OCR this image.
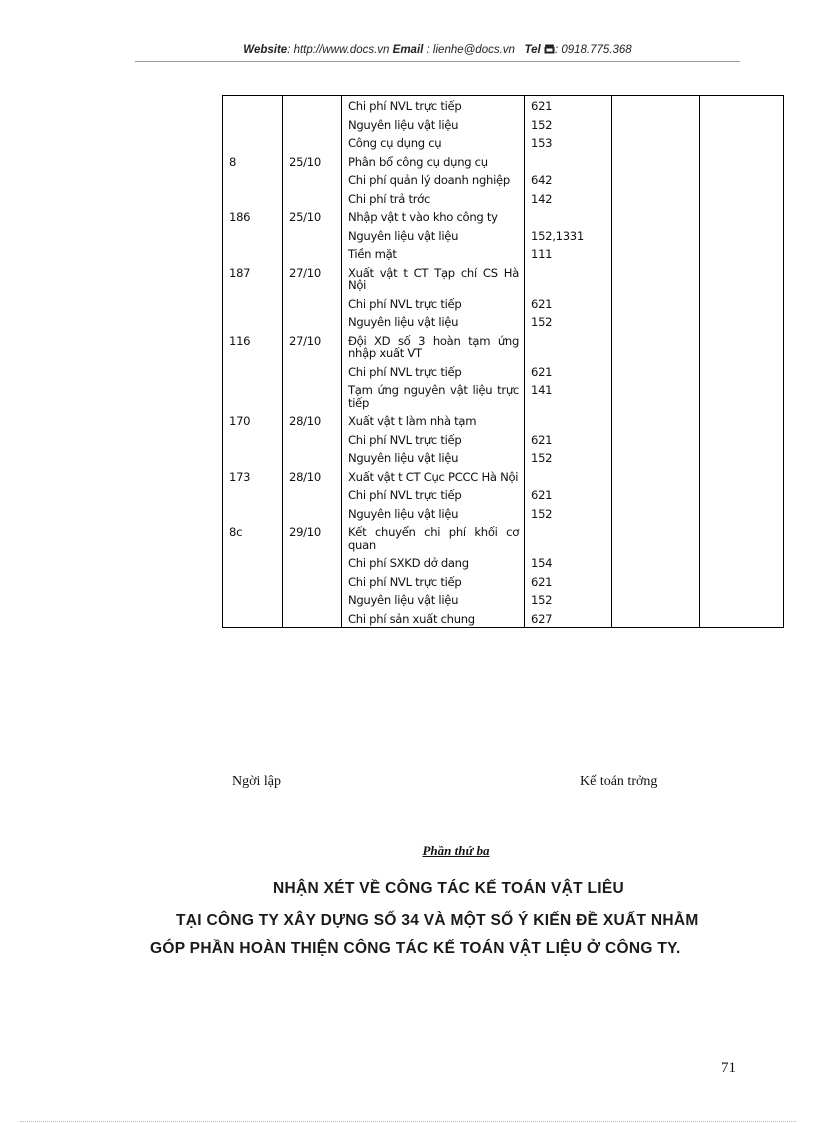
Website: http://www.docs.vn Email : lienhe@docs.vn Tel : 0918.775.368
		Chi phí NVL trực tiếp	621		
		Nguyên liệu vật liệu	152		
		Công cụ dụng cụ	153		
8	25/10	Phân bổ công cụ dụng cụ			
		Chi phí quản lý doanh nghiệp	642		
		Chi phí trả trớc	142		
186	25/10	Nhập vật t vào kho công ty			
		Nguyên liệu vật liệu	152,1331		
		Tiền mặt	111		
187	27/10	Xuất vật t CT Tạp chí CS Hà Nội			
		Chi phí NVL trực tiếp	621		
		Nguyên liệu vật liệu	152		
116	27/10	Đội XD số 3 hoàn tạm ứng nhập xuất VT			
		Chi phí NVL trực tiếp	621		
		Tạm ứng nguyên vật liệu trực tiếp	141		
170	28/10	Xuất vật t làm nhà tạm			
		Chi phí NVL trực tiếp	621		
		Nguyên liệu vật liệu	152		
173	28/10	Xuất vật t CT Cục PCCC Hà Nội			
		Chi phí NVL trực tiếp	621		
		Nguyên liệu vật liệu	152		
8c	29/10	Kết chuyển chi phí khối cơ quan			
		Chi phí SXKD dở dang	154		
		Chi phí NVL trực tiếp	621		
		Nguyên liệu vật liệu	152		
		Chi phí sản xuất chung	627		
Ngời lập	Kế toán trởng
Phần thứ ba
NHẬN XÉT VỀ CÔNG TÁC KẾ TOÁN VẬT LIÊU
TẠI CÔNG TY XÂY DỰNG SỐ 34 VÀ MỘT SỐ Ý KIẾN ĐỀ XUẤT NHẰM
GÓP PHẦN HOÀN THIỆN CÔNG TÁC KẾ TOÁN VẬT LIỆU Ở CÔNG TY.
71
